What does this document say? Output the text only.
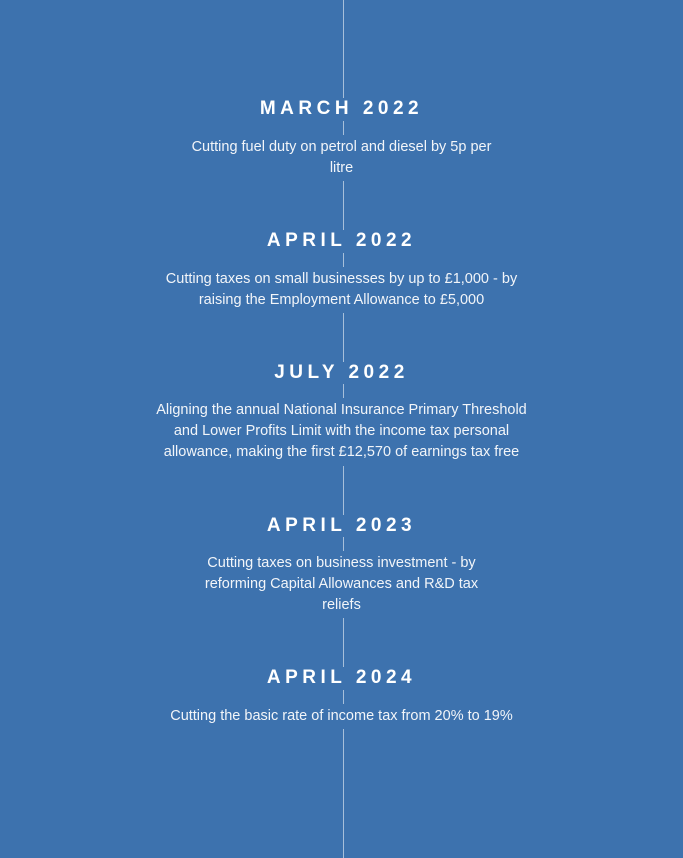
MARCH 2022

Cutting fuel duty on petrol and diesel by 5p per litre

APRIL 2022

Cutting taxes on small businesses by up to £1,000 - by raising the Employment Allowance to £5,000

JULY 2022

Aligning the annual National Insurance Primary Threshold and Lower Profits Limit with the income tax personal allowance, making the first £12,570 of earnings tax free

APRIL 2023

Cutting taxes on business investment - by reforming Capital Allowances and R&D tax reliefs

APRIL 2024

Cutting the basic rate of income tax from 20% to 19%
